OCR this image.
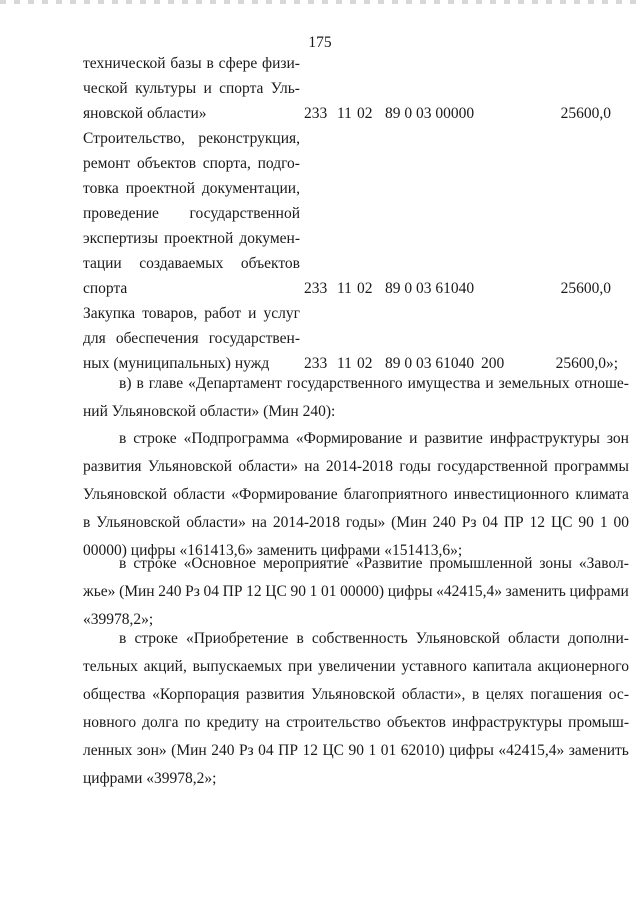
175
технической базы в сфере физи-
ческой культуры и спорта Уль-
яновской области»	233 11 02 89 0 03 00000	25600,0
Строительство, реконструкция,
ремонт объектов спорта, подго-
товка проектной документации,
проведение государственной
экспертизы проектной докумен-
тации создаваемых объектов
спорта	233 11 02 89 0 03 61040	25600,0
Закупка товаров, работ и услуг
для обеспечения государствен-
ных (муниципальных) нужд 233 11 02 89 0 03 61040 200	25600,0»;
в) в главе «Департамент государственного имущества и земельных отноше-
ний Ульяновской области» (Мин 240):
в строке «Подпрограмма «Формирование и развитие инфраструктуры зон
развития Ульяновской области» на 2014-2018 годы государственной программы
Ульяновской области «Формирование благоприятного инвестиционного климата
в Ульяновской области» на 2014-2018 годы» (Мин 240 Рз 04 ПР 12 ЦС 90 1 00
00000) цифры «161413,6» заменить цифрами «151413,6»;
в строке «Основное мероприятие «Развитие промышленной зоны «Завол-
жье» (Мин 240 Рз 04 ПР 12 ЦС 90 1 01 00000) цифры «42415,4» заменить цифрами
«39978,2»;
в строке «Приобретение в собственность Ульяновской области дополни-
тельных акций, выпускаемых при увеличении уставного капитала акционерного
общества «Корпорация развития Ульяновской области», в целях погашения ос-
новного долга по кредиту на строительство объектов инфраструктуры промыш-
ленных зон» (Мин 240 Рз 04 ПР 12 ЦС 90 1 01 62010) цифры «42415,4» заменить
цифрами «39978,2»;
